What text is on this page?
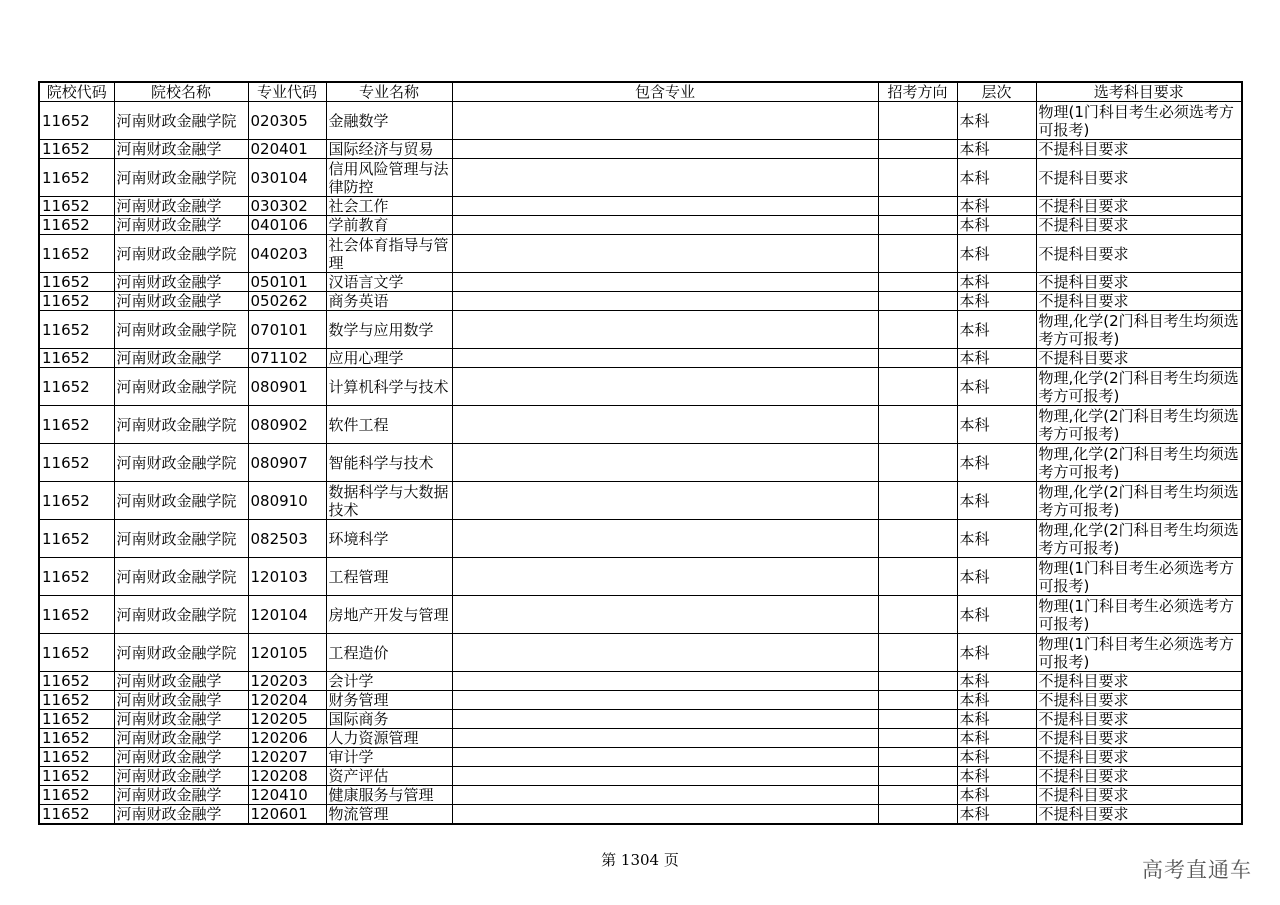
院校代码	院校名称	专业代码	专业名称	包含专业	招考方向	层次	选考科目要求
11652	河南财政金融学院	020305	金融数学			本科	物理(1门科目考生必须选考方可报考)
11652	河南财政金融学	020401	国际经济与贸易			本科	不提科目要求
11652	河南财政金融学院	030104	信用风险管理与法律防控			本科	不提科目要求
11652	河南财政金融学	030302	社会工作			本科	不提科目要求
11652	河南财政金融学	040106	学前教育			本科	不提科目要求
11652	河南财政金融学院	040203	社会体育指导与管理			本科	不提科目要求
11652	河南财政金融学	050101	汉语言文学			本科	不提科目要求
11652	河南财政金融学	050262	商务英语			本科	不提科目要求
11652	河南财政金融学院	070101	数学与应用数学			本科	物理,化学(2门科目考生均须选考方可报考)
11652	河南财政金融学	071102	应用心理学			本科	不提科目要求
11652	河南财政金融学院	080901	计算机科学与技术			本科	物理,化学(2门科目考生均须选考方可报考)
11652	河南财政金融学院	080902	软件工程			本科	物理,化学(2门科目考生均须选考方可报考)
11652	河南财政金融学院	080907	智能科学与技术			本科	物理,化学(2门科目考生均须选考方可报考)
11652	河南财政金融学院	080910	数据科学与大数据技术			本科	物理,化学(2门科目考生均须选考方可报考)
11652	河南财政金融学院	082503	环境科学			本科	物理,化学(2门科目考生均须选考方可报考)
11652	河南财政金融学院	120103	工程管理			本科	物理(1门科目考生必须选考方可报考)
11652	河南财政金融学院	120104	房地产开发与管理			本科	物理(1门科目考生必须选考方可报考)
11652	河南财政金融学院	120105	工程造价			本科	物理(1门科目考生必须选考方可报考)
11652	河南财政金融学	120203	会计学			本科	不提科目要求
11652	河南财政金融学	120204	财务管理			本科	不提科目要求
11652	河南财政金融学	120205	国际商务			本科	不提科目要求
11652	河南财政金融学	120206	人力资源管理			本科	不提科目要求
11652	河南财政金融学	120207	审计学			本科	不提科目要求
11652	河南财政金融学	120208	资产评估			本科	不提科目要求
11652	河南财政金融学	120410	健康服务与管理			本科	不提科目要求
11652	河南财政金融学	120601	物流管理			本科	不提科目要求
第 1304 页	高考直通车
